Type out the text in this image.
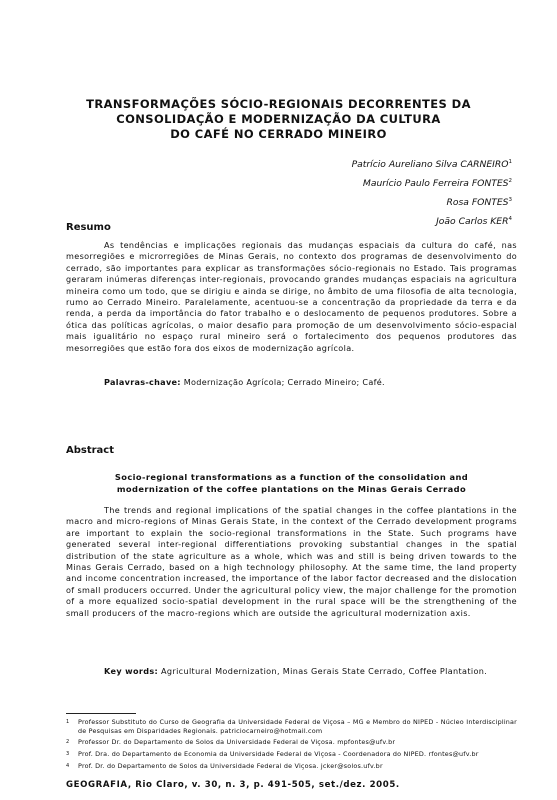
TRANSFORMAÇÕES SÓCIO-REGIONAIS DECORRENTES DA
CONSOLIDAÇÃO E MODERNIZAÇÃO DA CULTURA
DO CAFÉ NO CERRADO MINEIRO
Patrício Aureliano Silva CARNEIRO$^1$
Maurício Paulo Ferreira FONTES$^2$
Rosa FONTES$^3$
João Carlos KER$^4$
Resumo
As tendências e implicações regionais das mudanças espaciais da cultura do café, nas mesorregiões e microrregiões de Minas Gerais, no contexto dos programas de desenvolvimento do cerrado, são importantes para explicar as transformações sócio-regionais no Estado. Tais programas geraram inúmeras diferenças inter-regionais, provocando grandes mudanças espaciais na agricultura mineira como um todo, que se dirigiu e ainda se dirige, no âmbito de uma filosofia de alta tecnologia, rumo ao Cerrado Mineiro. Paralelamente, acentuou-se a concentração da propriedade da terra e da renda, a perda da importância do fator trabalho e o deslocamento de pequenos produtores. Sobre a ótica das políticas agrícolas, o maior desafio para promoção de um desenvolvimento sócio-espacial mais igualitário no espaço rural mineiro será o fortalecimento dos pequenos produtores das mesorregiões que estão fora dos eixos de modernização agrícola.
Palavras-chave: Modernização Agrícola; Cerrado Mineiro; Café.
Abstract
Socio-regional transformations as a function of the consolidation and
modernization of the coffee plantations on the Minas Gerais Cerrado
The trends and regional implications of the spatial changes in the coffee plantations in the macro and micro-regions of Minas Gerais State, in the context of the Cerrado development programs are important to explain the socio-regional transformations in the State. Such programs have generated several inter-regional differentiations provoking substantial changes in the spatial distribution of the state agriculture as a whole, which was and still is being driven towards to the Minas Gerais Cerrado, based on a high technology philosophy. At the same time, the land property and income concentration increased, the importance of the labor factor decreased and the dislocation of small producers occurred. Under the agricultural policy view, the major challenge for the promotion of a more equalized socio-spatial development in the rural space will be the strengthening of the small producers of the macro-regions which are outside the agricultural modernization axis.
Key words: Agricultural Modernization, Minas Gerais State Cerrado, Coffee Plantation.
1 Professor Substituto do Curso de Geografia da Universidade Federal de Viçosa – MG e Membro do NIPED - Núcleo Interdisciplinar de Pesquisas em Disparidades Regionais. patriciocarneiro@hotmail.com
2 Professor Dr. do Departamento de Solos da Universidade Federal de Viçosa. mpfontes@ufv.br
3 Prof. Dra. do Departamento de Economia da Universidade Federal de Viçosa - Coordenadora do NIPED. rfontes@ufv.br
4 Prof. Dr. do Departamento de Solos da Universidade Federal de Viçosa. jcker@solos.ufv.br
GEOGRAFIA, Rio Claro, v. 30, n. 3, p. 491-505, set./dez. 2005.
